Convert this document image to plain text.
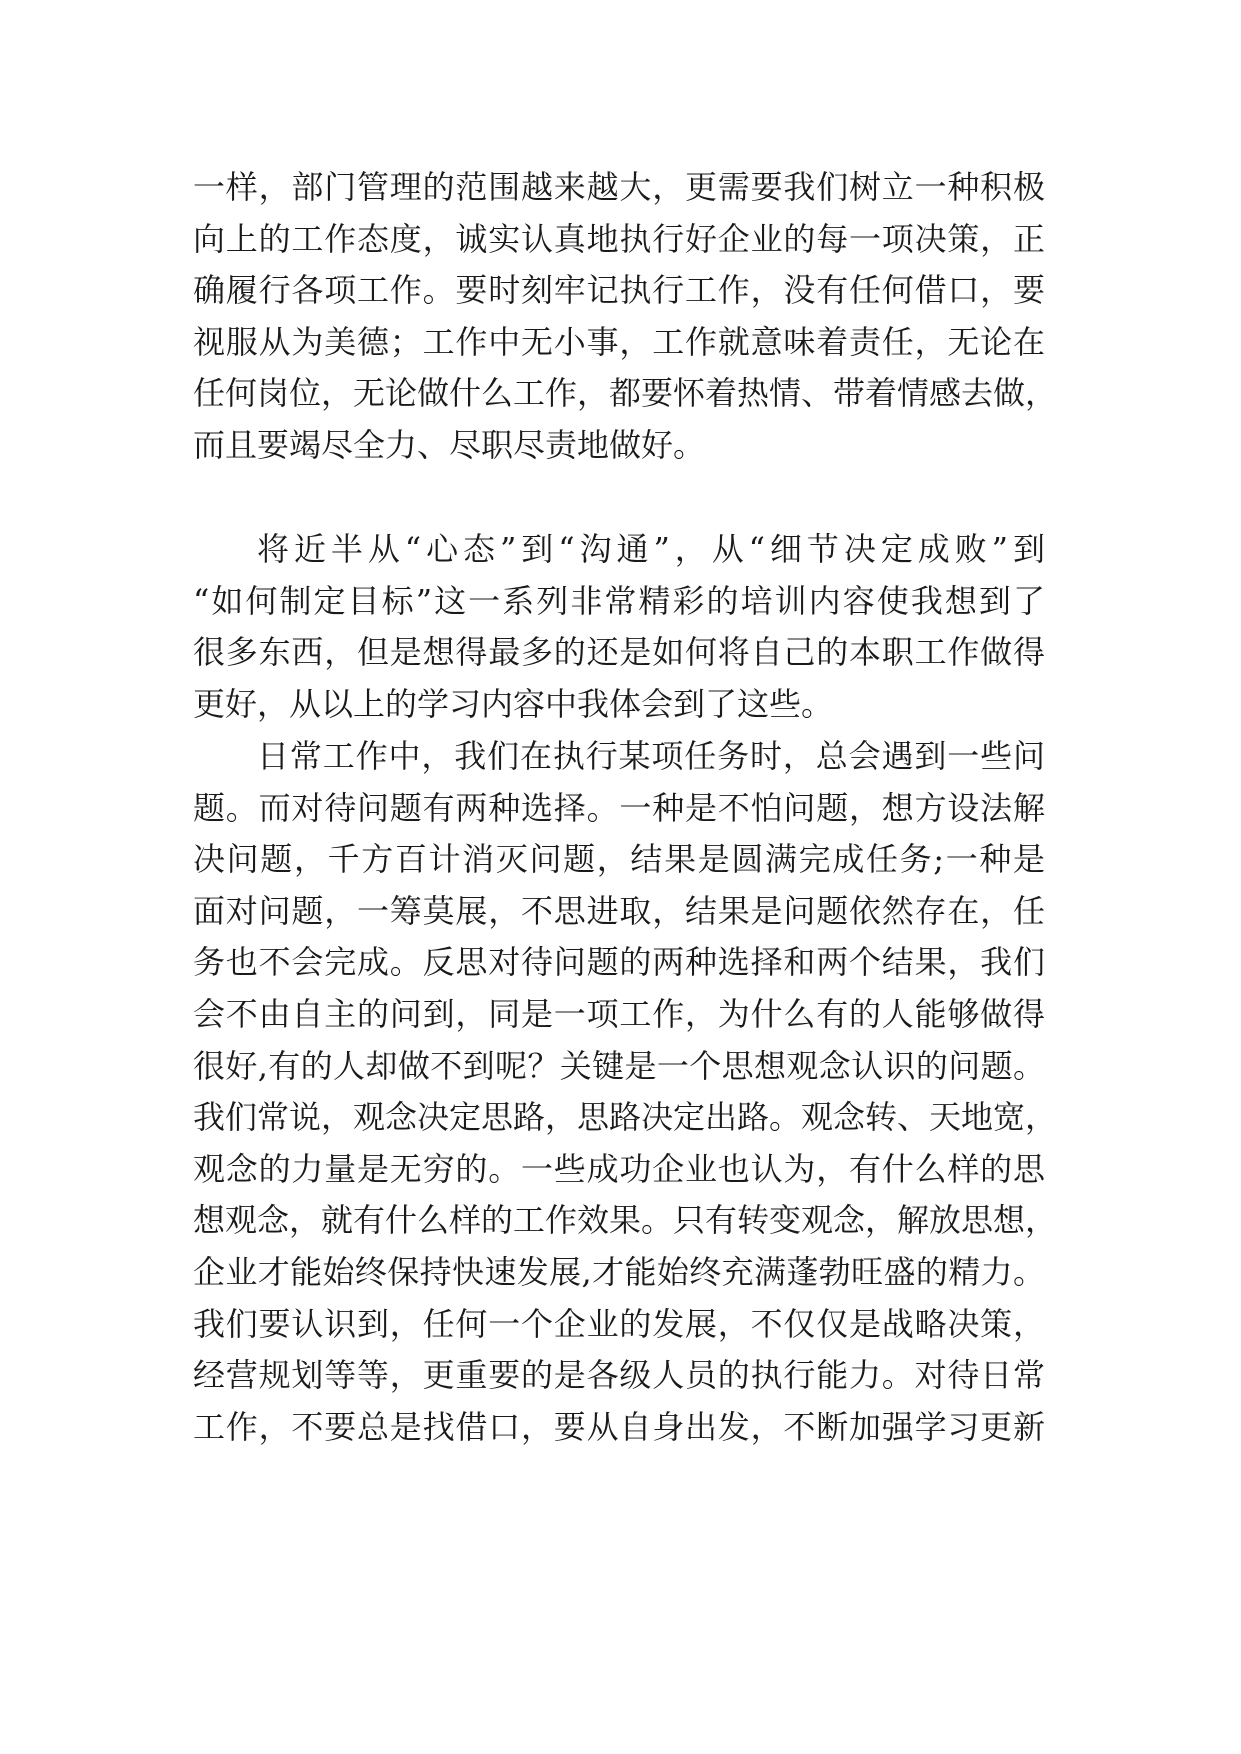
一样，部门管理的范围越来越大，更需要我们树立一种积极
向上的工作态度，诚实认真地执行好企业的每一项决策，正
确履行各项工作。要时刻牢记执行工作，没有任何借口，要
视服从为美德；工作中无小事，工作就意味着责任，无论在
任何岗位，无论做什么工作，都要怀着热情、带着情感去做，
而且要竭尽全力、尽职尽责地做好。
将近半从“心态”到“沟通”，从“细节决定成败”到
“如何制定目标”这一系列非常精彩的培训内容使我想到了
很多东西，但是想得最多的还是如何将自己的本职工作做得
更好，从以上的学习内容中我体会到了这些。
日常工作中，我们在执行某项任务时，总会遇到一些问
题。而对待问题有两种选择。一种是不怕问题，想方设法解
决问题，千方百计消灭问题，结果是圆满完成任务;一种是
面对问题，一筹莫展，不思进取，结果是问题依然存在，任
务也不会完成。反思对待问题的两种选择和两个结果，我们
会不由自主的问到，同是一项工作，为什么有的人能够做得
很好,有的人却做不到呢？关键是一个思想观念认识的问题。
我们常说，观念决定思路，思路决定出路。观念转、天地宽，
观念的力量是无穷的。一些成功企业也认为，有什么样的思
想观念，就有什么样的工作效果。只有转变观念，解放思想，
企业才能始终保持快速发展,才能始终充满蓬勃旺盛的精力。
我们要认识到，任何一个企业的发展，不仅仅是战略决策，
经营规划等等，更重要的是各级人员的执行能力。对待日常
工作，不要总是找借口，要从自身出发，不断加强学习更新
